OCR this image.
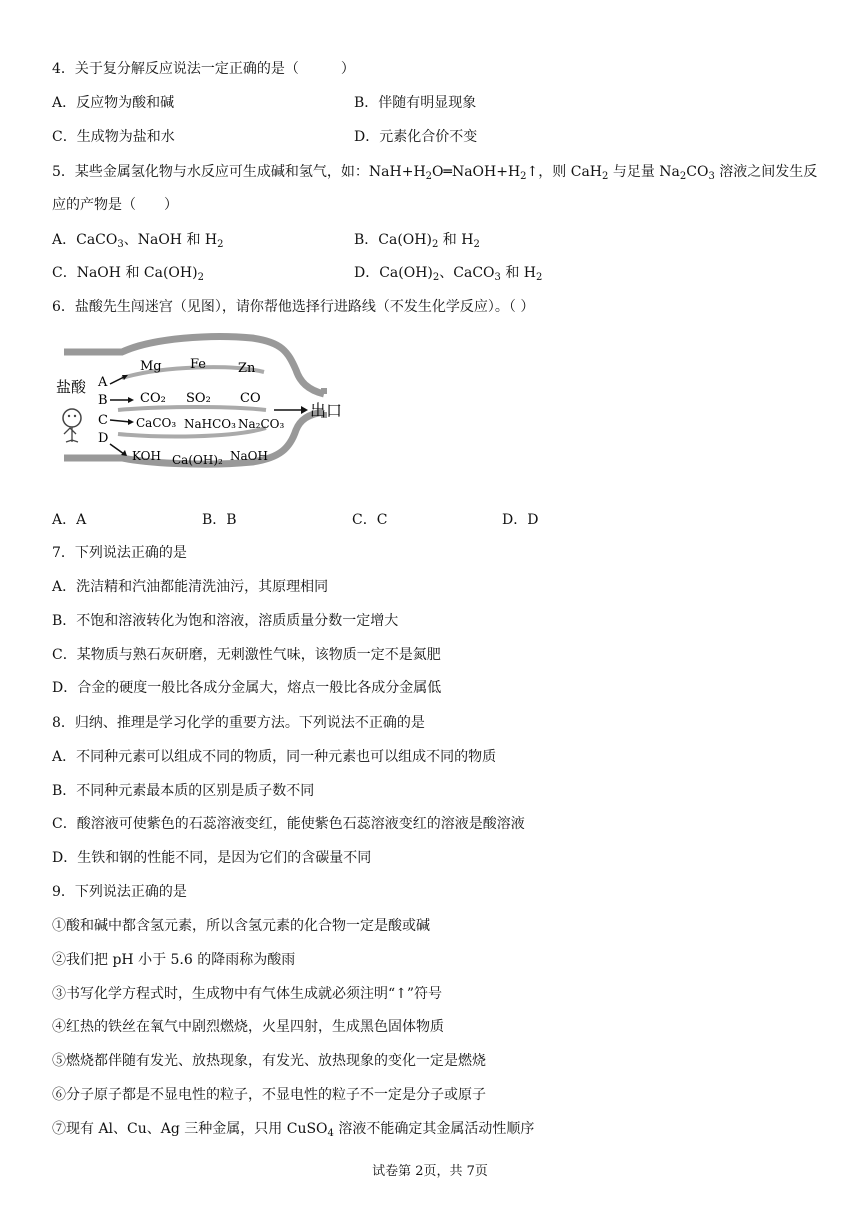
4．关于复分解反应说法一定正确的是（　　　）
A．反应物为酸和碱	B．伴随有明显现象
C．生成物为盐和水	D．元素化合价不变
5．某些金属氢化物与水反应可生成碱和氢气，如：$NaH+H_2O═NaOH+H_2↑$，则 CaH$_2$ 与足量 $Na_2CO_3$ 溶液之间发生反
应的产物是（　　）
A．CaCO$_3$、NaOH 和 $H_2$	B．$Ca(OH)_2$ 和 $H_2$
C．NaOH 和 $Ca(OH)_2$	D．$Ca(OH)_2$、CaCO$_3$ 和 $H_2$
6．盐酸先生闯迷宫（见图），请你帮他选择行进路线（不发生化学反应）。（ ）
盐酸 A
B
C
D
Mg Fe Zn
CO₂ SO₂ CO
CaCO₃ NaHCO₃ Na₂CO₃
KOH Ca(OH)₂ NaOH
出口
A．A	B．B	C．C	D．D
7．下列说法正确的是
A．洗洁精和汽油都能清洗油污，其原理相同
B．不饱和溶液转化为饱和溶液，溶质质量分数一定增大
C．某物质与熟石灰研磨，无刺激性气味，该物质一定不是氮肥
D．合金的硬度一般比各成分金属大，熔点一般比各成分金属低
8．归纳、推理是学习化学的重要方法。下列说法不正确的是
A．不同种元素可以组成不同的物质，同一种元素也可以组成不同的物质
B．不同种元素最本质的区别是质子数不同
C．酸溶液可使紫色的石蕊溶液变红，能使紫色石蕊溶液变红的溶液是酸溶液
D．生铁和钢的性能不同，是因为它们的含碳量不同
9．下列说法正确的是
①酸和碱中都含氢元素，所以含氢元素的化合物一定是酸或碱
②我们把 pH 小于 5.6 的降雨称为酸雨
③书写化学方程式时，生成物中有气体生成就必须注明“↑”符号
④红热的铁丝在氧气中剧烈燃烧，火星四射，生成黑色固体物质
⑤燃烧都伴随有发光、放热现象，有发光、放热现象的变化一定是燃烧
⑥分子原子都是不显电性的粒子，不显电性的粒子不一定是分子或原子
⑦现有 Al、Cu、Ag 三种金属，只用 CuSO$_4$ 溶液不能确定其金属活动性顺序
试卷第 2页，共 7页
